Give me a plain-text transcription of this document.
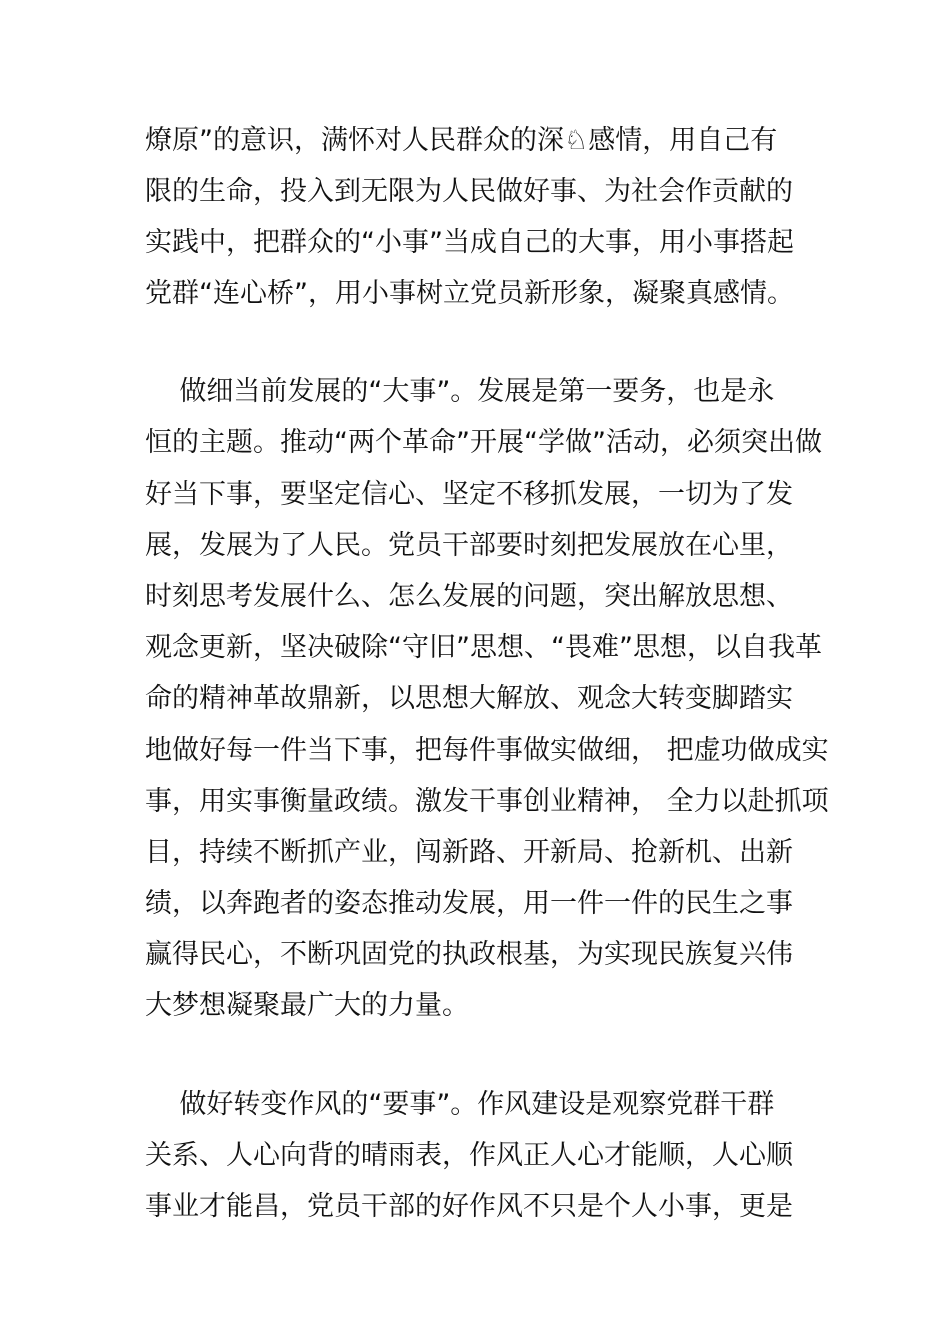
燎原”的意识，满怀对人民群众的深♘感情，用自己有
限的生命，投入到无限为人民做好事、为社会作贡献的
实践中，把群众的“小事”当成自己的大事，用小事搭起
党群“连心桥”，用小事树立党员新形象，凝聚真感情。
做细当前发展的“大事”。发展是第一要务，也是永
恒的主题。推动“两个革命”开展“学做”活动，必须突出做
好当下事，要坚定信心、坚定不移抓发展，一切为了发
展，发展为了人民。党员干部要时刻把发展放在心里，
时刻思考发展什么、怎么发展的问题，突出解放思想、
观念更新，坚决破除“守旧”思想、“畏难”思想，以自我革
命的精神革故鼎新，以思想大解放、观念大转变脚踏实
地做好每一件当下事，把每件事做实做细， 把虚功做成实
事，用实事衡量政绩。激发干事创业精神， 全力以赴抓项
目，持续不断抓产业，闯新路、开新局、抢新机、出新
绩，以奔跑者的姿态推动发展，用一件一件的民生之事
赢得民心，不断巩固党的执政根基，为实现民族复兴伟
大梦想凝聚最广大的力量。
做好转变作风的“要事”。作风建设是观察党群干群
关系、人心向背的晴雨表，作风正人心才能顺，人心顺
事业才能昌，党员干部的好作风不只是个人小事，更是
